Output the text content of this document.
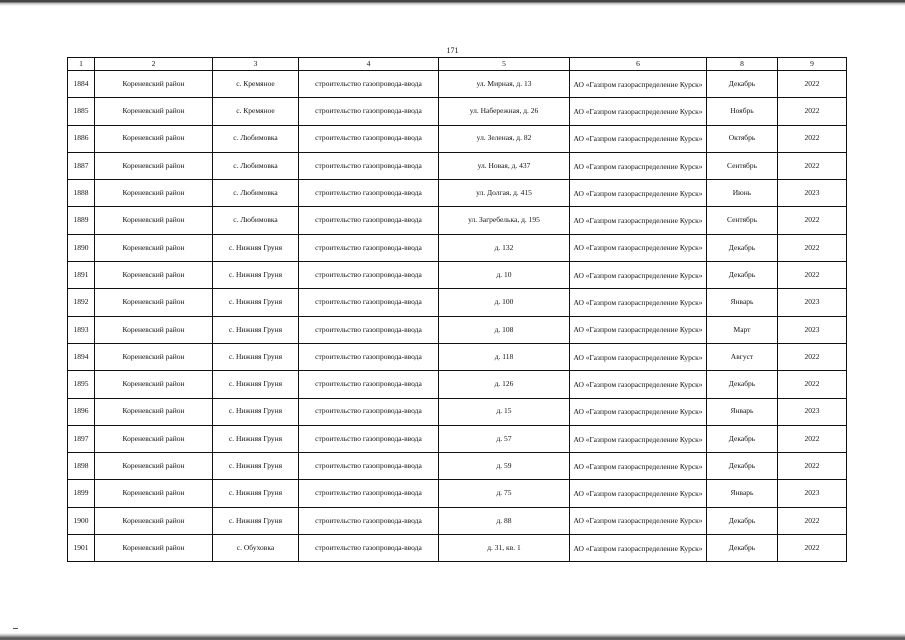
171
1	2	3	4	5	6	8	9
1884	Кореневский район	с. Кремяное	строительство газопровода-ввода	ул. Мирная, д. 13	АО «Газпром газораспределение Курск»	Декабрь	2022
1885	Кореневский район	с. Кремяное	строительство газопровода-ввода	ул. Набережная, д. 26	АО «Газпром газораспределение Курск»	Ноябрь	2022
1886	Кореневский район	с. Любимовка	строительство газопровода-ввода	ул. Зеленая, д. 82	АО «Газпром газораспределение Курск»	Октябрь	2022
1887	Кореневский район	с. Любимовка	строительство газопровода-ввода	ул. Новая, д. 437	АО «Газпром газораспределение Курск»	Сентябрь	2022
1888	Кореневский район	с. Любимовка	строительство газопровода-ввода	ул. Долгая, д. 415	АО «Газпром газораспределение Курск»	Июнь	2023
1889	Кореневский район	с. Любимовка	строительство газопровода-ввода	ул. Загребелька, д. 195	АО «Газпром газораспределение Курск»	Сентябрь	2022
1890	Кореневский район	с. Нижняя Груня	строительство газопровода-ввода	д. 132	АО «Газпром газораспределение Курск»	Декабрь	2022
1891	Кореневский район	с. Нижняя Груня	строительство газопровода-ввода	д. 10	АО «Газпром газораспределение Курск»	Декабрь	2022
1892	Кореневский район	с. Нижняя Груня	строительство газопровода-ввода	д. 100	АО «Газпром газораспределение Курск»	Январь	2023
1893	Кореневский район	с. Нижняя Груня	строительство газопровода-ввода	д. 108	АО «Газпром газораспределение Курск»	Март	2023
1894	Кореневский район	с. Нижняя Груня	строительство газопровода-ввода	д. 118	АО «Газпром газораспределение Курск»	Август	2022
1895	Кореневский район	с. Нижняя Груня	строительство газопровода-ввода	д. 126	АО «Газпром газораспределение Курск»	Декабрь	2022
1896	Кореневский район	с. Нижняя Груня	строительство газопровода-ввода	д. 15	АО «Газпром газораспределение Курск»	Январь	2023
1897	Кореневский район	с. Нижняя Груня	строительство газопровода-ввода	д. 57	АО «Газпром газораспределение Курск»	Декабрь	2022
1898	Кореневский район	с. Нижняя Груня	строительство газопровода-ввода	д. 59	АО «Газпром газораспределение Курск»	Декабрь	2022
1899	Кореневский район	с. Нижняя Груня	строительство газопровода-ввода	д. 75	АО «Газпром газораспределение Курск»	Январь	2023
1900	Кореневский район	с. Нижняя Груня	строительство газопровода-ввода	д. 88	АО «Газпром газораспределение Курск»	Декабрь	2022
1901	Кореневский район	с. Обуховка	строительство газопровода-ввода	д. 31, кв. 1	АО «Газпром газораспределение Курск»	Декабрь	2022
